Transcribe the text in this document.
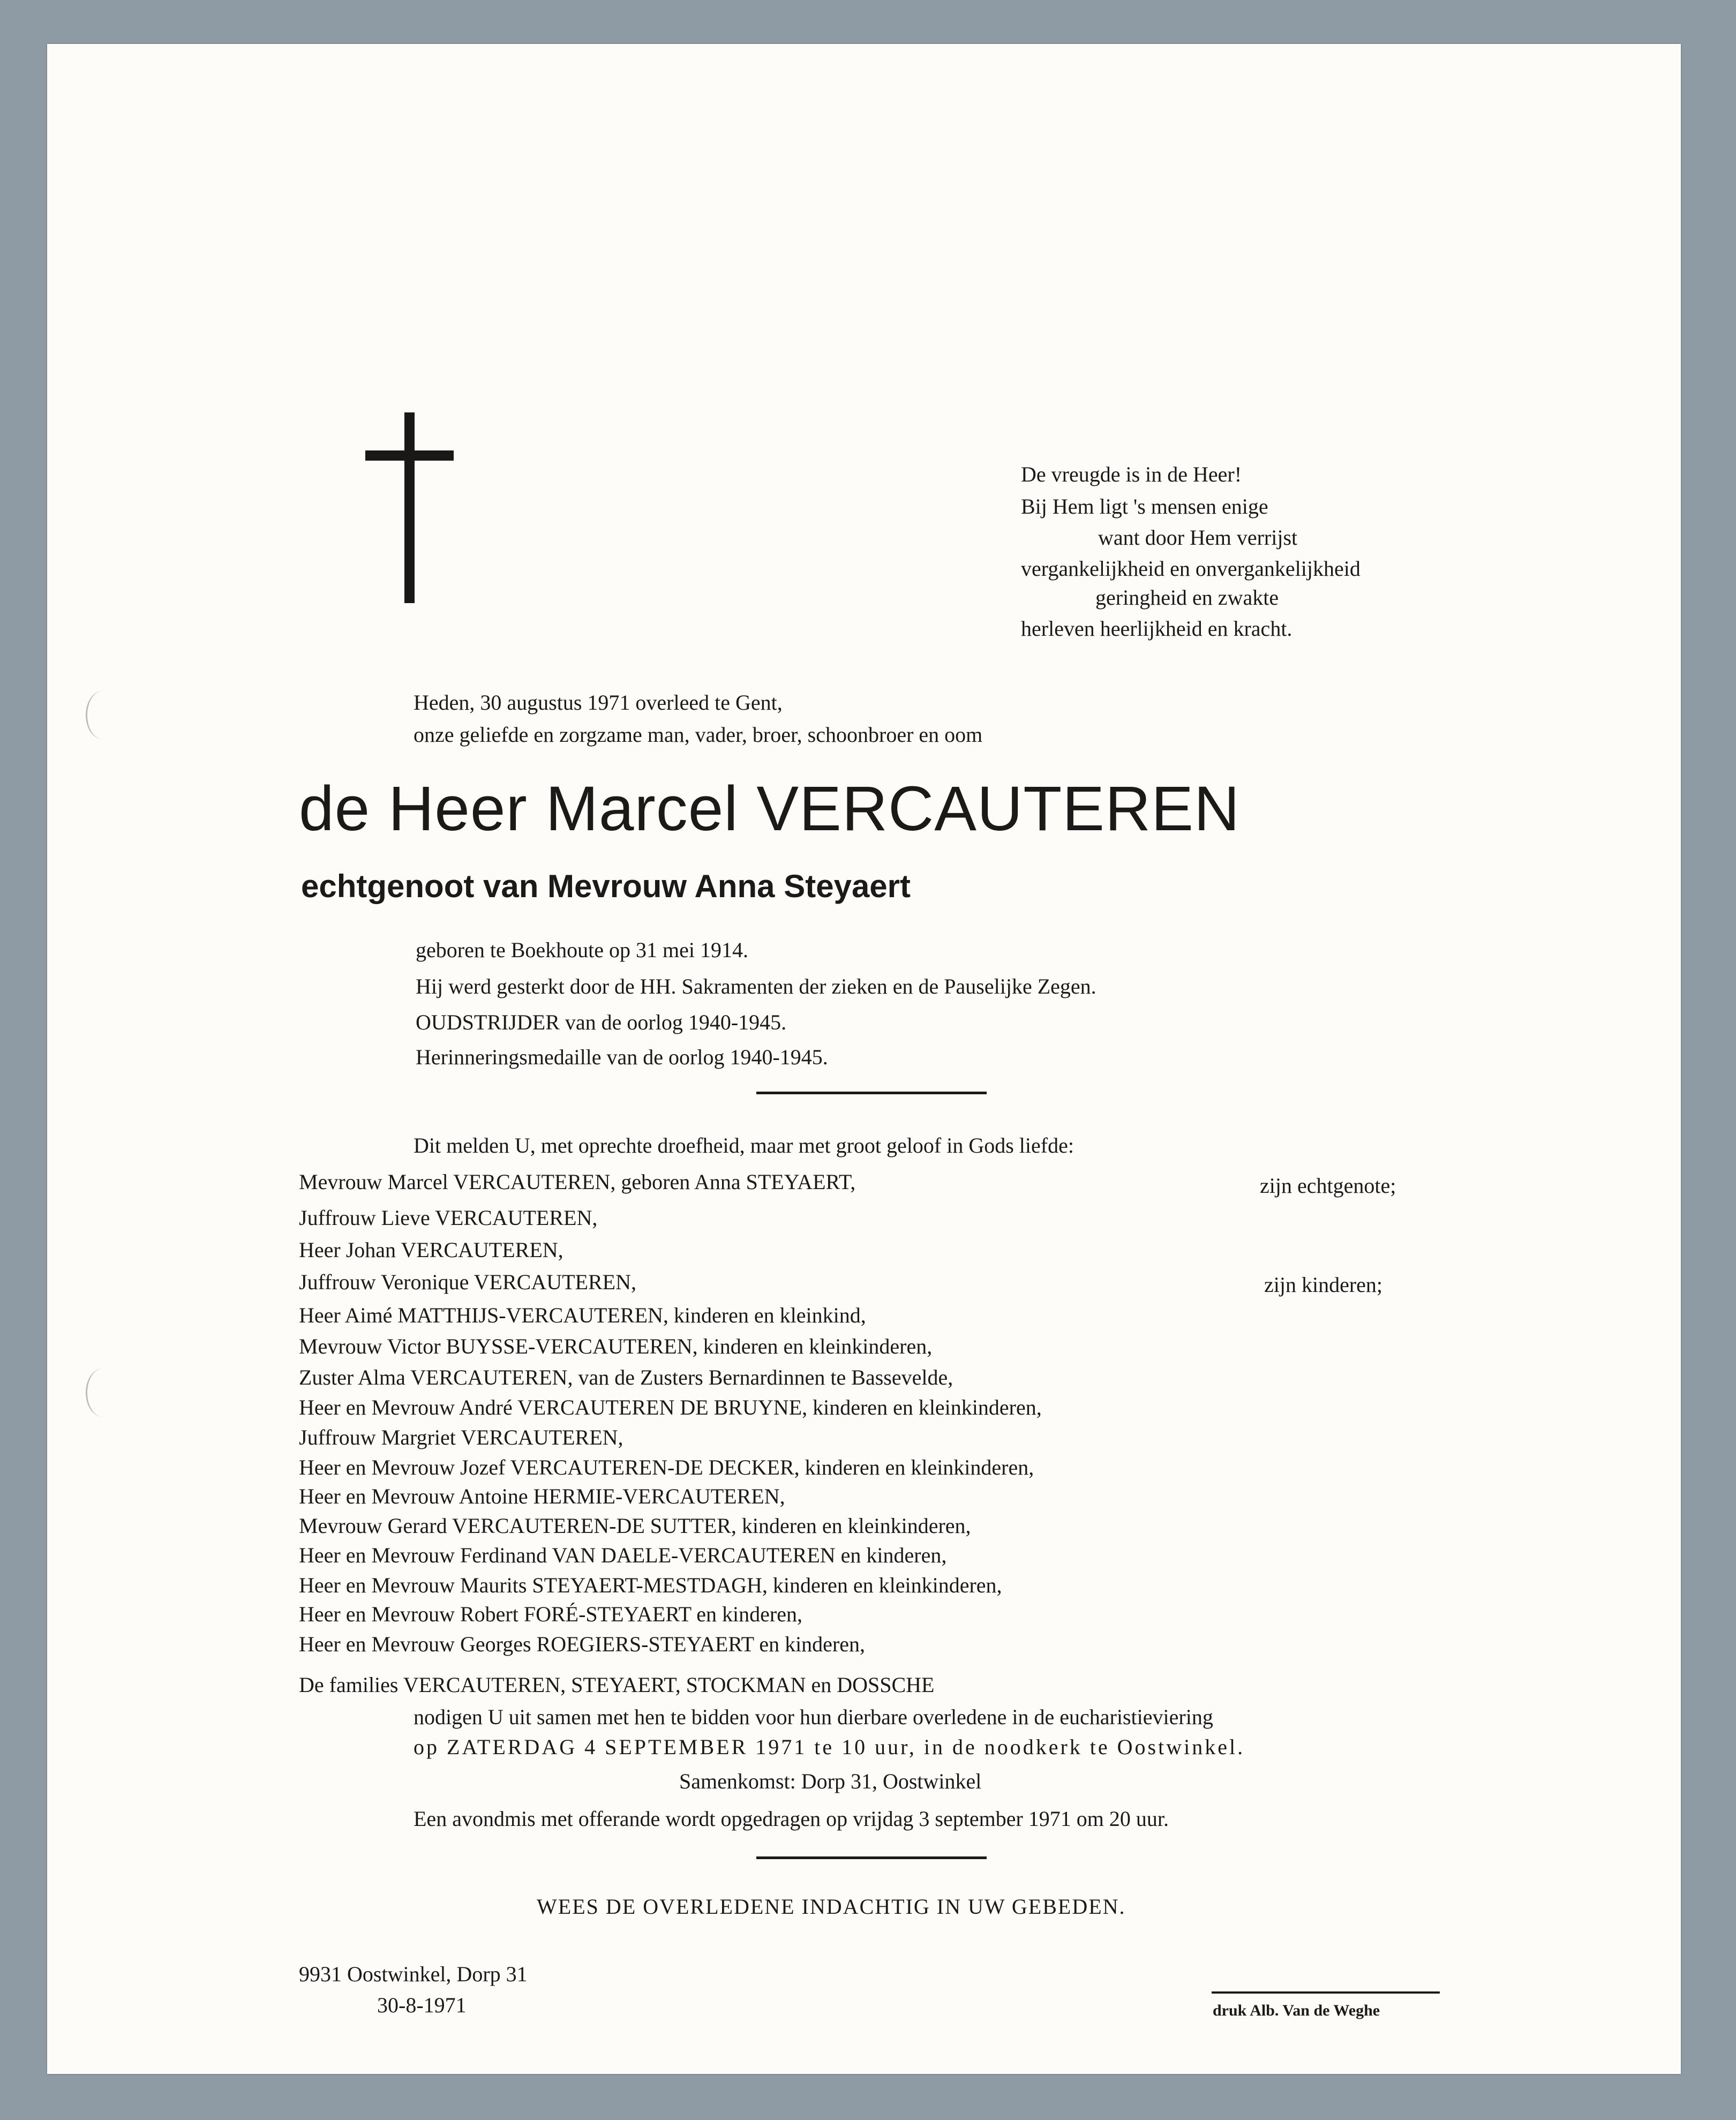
De vreugde is in de Heer!
Bij Hem ligt 's mensen enige
want door Hem verrijst
vergankelijkheid en onvergankelijkheid
geringheid en zwakte
herleven heerlijkheid en kracht.
Heden, 30 augustus 1971 overleed te Gent,
onze geliefde en zorgzame man, vader, broer, schoonbroer en oom
de Heer Marcel VERCAUTEREN
echtgenoot van Mevrouw Anna Steyaert
geboren te Boekhoute op 31 mei 1914.
Hij werd gesterkt door de HH. Sakramenten der zieken en de Pauselijke Zegen.
OUDSTRIJDER van de oorlog 1940-1945.
Herinneringsmedaille van de oorlog 1940-1945.
Dit melden U, met oprechte droefheid, maar met groot geloof in Gods liefde:
Mevrouw Marcel VERCAUTEREN, geboren Anna STEYAERT,
Juffrouw Lieve VERCAUTEREN,
Heer Johan VERCAUTEREN,
Juffrouw Veronique VERCAUTEREN,
Heer Aimé MATTHIJS-VERCAUTEREN, kinderen en kleinkind,
Mevrouw Victor BUYSSE-VERCAUTEREN, kinderen en kleinkinderen,
Zuster Alma VERCAUTEREN, van de Zusters Bernardinnen te Bassevelde,
Heer en Mevrouw André VERCAUTEREN DE BRUYNE, kinderen en kleinkinderen,
Juffrouw Margriet VERCAUTEREN,
Heer en Mevrouw Jozef VERCAUTEREN-DE DECKER, kinderen en kleinkinderen,
Heer en Mevrouw Antoine HERMIE-VERCAUTEREN,
Mevrouw Gerard VERCAUTEREN-DE SUTTER, kinderen en kleinkinderen,
Heer en Mevrouw Ferdinand VAN DAELE-VERCAUTEREN en kinderen,
Heer en Mevrouw Maurits STEYAERT-MESTDAGH, kinderen en kleinkinderen,
Heer en Mevrouw Robert FORÉ-STEYAERT en kinderen,
Heer en Mevrouw Georges ROEGIERS-STEYAERT en kinderen,
zijn echtgenote;
zijn kinderen;
De families VERCAUTEREN, STEYAERT, STOCKMAN en DOSSCHE
nodigen U uit samen met hen te bidden voor hun dierbare overledene in de eucharistieviering
op ZATERDAG 4 SEPTEMBER 1971 te 10 uur, in de noodkerk te Oostwinkel.
Samenkomst: Dorp 31, Oostwinkel
Een avondmis met offerande wordt opgedragen op vrijdag 3 september 1971 om 20 uur.
WEES DE OVERLEDENE INDACHTIG IN UW GEBEDEN.
9931 Oostwinkel, Dorp 31
30-8-1971	druk Alb. Van de Weghe
